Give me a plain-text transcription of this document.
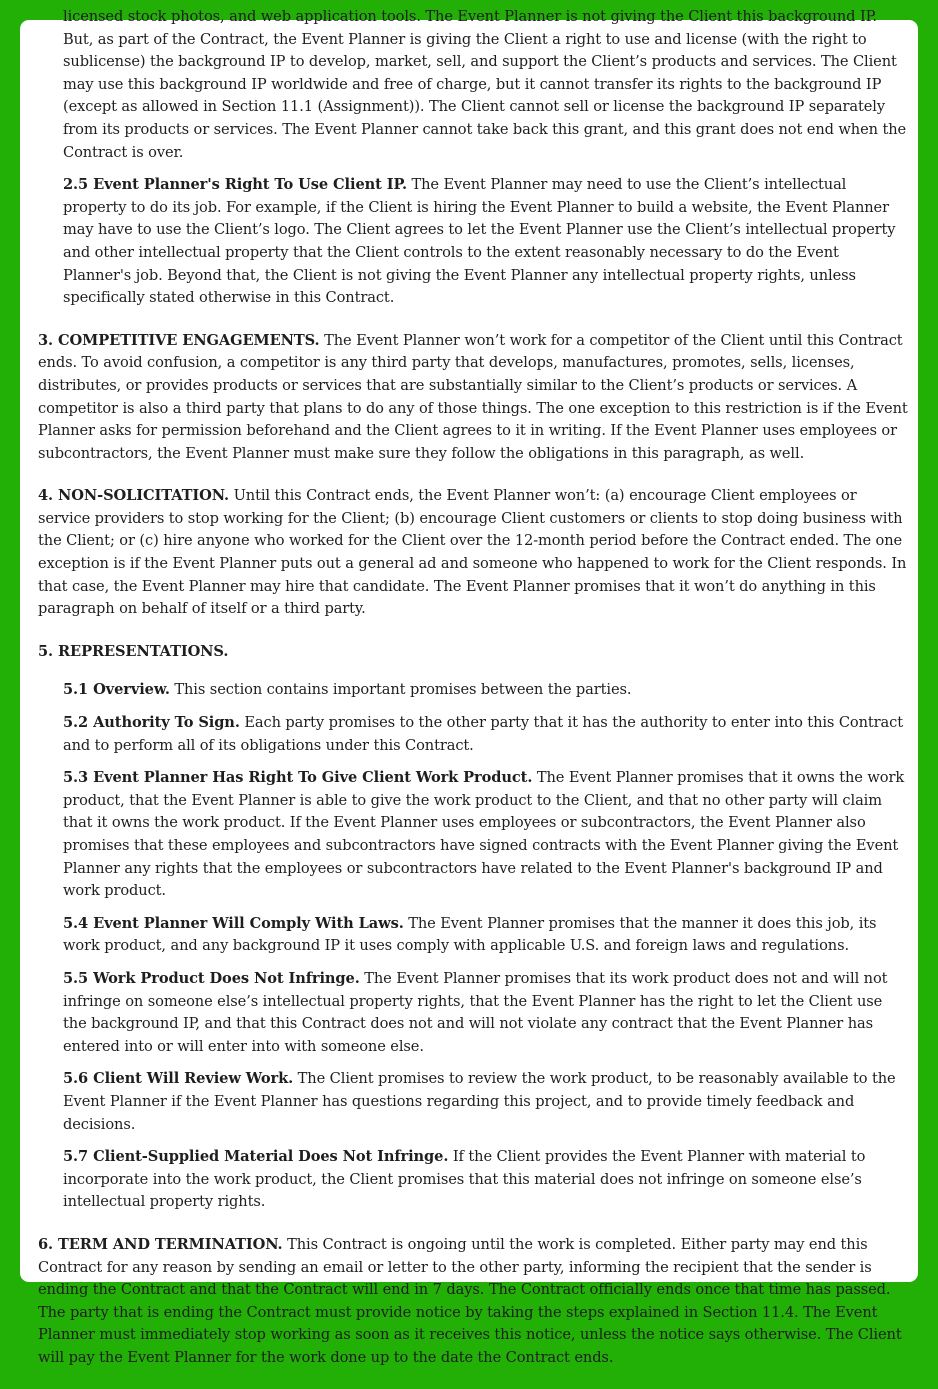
licensed stock photos, and web application tools. The Event Planner is not giving the Client this background IP. But, as part of the Contract, the Event Planner is giving the Client a right to use and license (with the right to sublicense) the background IP to develop, market, sell, and support the Client’s products and services. The Client may use this background IP worldwide and free of charge, but it cannot transfer its rights to the background IP (except as allowed in Section 11.1 (Assignment)). The Client cannot sell or license the background IP separately from its products or services. The Event Planner cannot take back this grant, and this grant does not end when the Contract is over.

2.5 Event Planner's Right To Use Client IP. The Event Planner may need to use the Client’s intellectual property to do its job. For example, if the Client is hiring the Event Planner to build a website, the Event Planner may have to use the Client’s logo. The Client agrees to let the Event Planner use the Client’s intellectual property and other intellectual property that the Client controls to the extent reasonably necessary to do the Event Planner's job. Beyond that, the Client is not giving the Event Planner any intellectual property rights, unless specifically stated otherwise in this Contract.

3. COMPETITIVE ENGAGEMENTS. The Event Planner won’t work for a competitor of the Client until this Contract ends. To avoid confusion, a competitor is any third party that develops, manufactures, promotes, sells, licenses, distributes, or provides products or services that are substantially similar to the Client’s products or services. A competitor is also a third party that plans to do any of those things. The one exception to this restriction is if the Event Planner asks for permission beforehand and the Client agrees to it in writing. If the Event Planner uses employees or subcontractors, the Event Planner must make sure they follow the obligations in this paragraph, as well.

4. NON-SOLICITATION. Until this Contract ends, the Event Planner won’t: (a) encourage Client employees or service providers to stop working for the Client; (b) encourage Client customers or clients to stop doing business with the Client; or (c) hire anyone who worked for the Client over the 12-month period before the Contract ended. The one exception is if the Event Planner puts out a general ad and someone who happened to work for the Client responds. In that case, the Event Planner may hire that candidate. The Event Planner promises that it won’t do anything in this paragraph on behalf of itself or a third party.

5. REPRESENTATIONS.

5.1 Overview. This section contains important promises between the parties.

5.2 Authority To Sign. Each party promises to the other party that it has the authority to enter into this Contract and to perform all of its obligations under this Contract.

5.3 Event Planner Has Right To Give Client Work Product. The Event Planner promises that it owns the work product, that the Event Planner is able to give the work product to the Client, and that no other party will claim that it owns the work product. If the Event Planner uses employees or subcontractors, the Event Planner also promises that these employees and subcontractors have signed contracts with the Event Planner giving the Event Planner any rights that the employees or subcontractors have related to the Event Planner's background IP and work product.

5.4 Event Planner Will Comply With Laws. The Event Planner promises that the manner it does this job, its work product, and any background IP it uses comply with applicable U.S. and foreign laws and regulations.

5.5 Work Product Does Not Infringe. The Event Planner promises that its work product does not and will not infringe on someone else’s intellectual property rights, that the Event Planner has the right to let the Client use the background IP, and that this Contract does not and will not violate any contract that the Event Planner has entered into or will enter into with someone else.

5.6 Client Will Review Work. The Client promises to review the work product, to be reasonably available to the Event Planner if the Event Planner has questions regarding this project, and to provide timely feedback and decisions.

5.7 Client-Supplied Material Does Not Infringe. If the Client provides the Event Planner with material to incorporate into the work product, the Client promises that this material does not infringe on someone else’s intellectual property rights.

6. TERM AND TERMINATION. This Contract is ongoing until the work is completed. Either party may end this Contract for any reason by sending an email or letter to the other party, informing the recipient that the sender is ending the Contract and that the Contract will end in 7 days. The Contract officially ends once that time has passed. The party that is ending the Contract must provide notice by taking the steps explained in Section 11.4. The Event Planner must immediately stop working as soon as it receives this notice, unless the notice says otherwise. The Client will pay the Event Planner for the work done up to the date the Contract ends.
